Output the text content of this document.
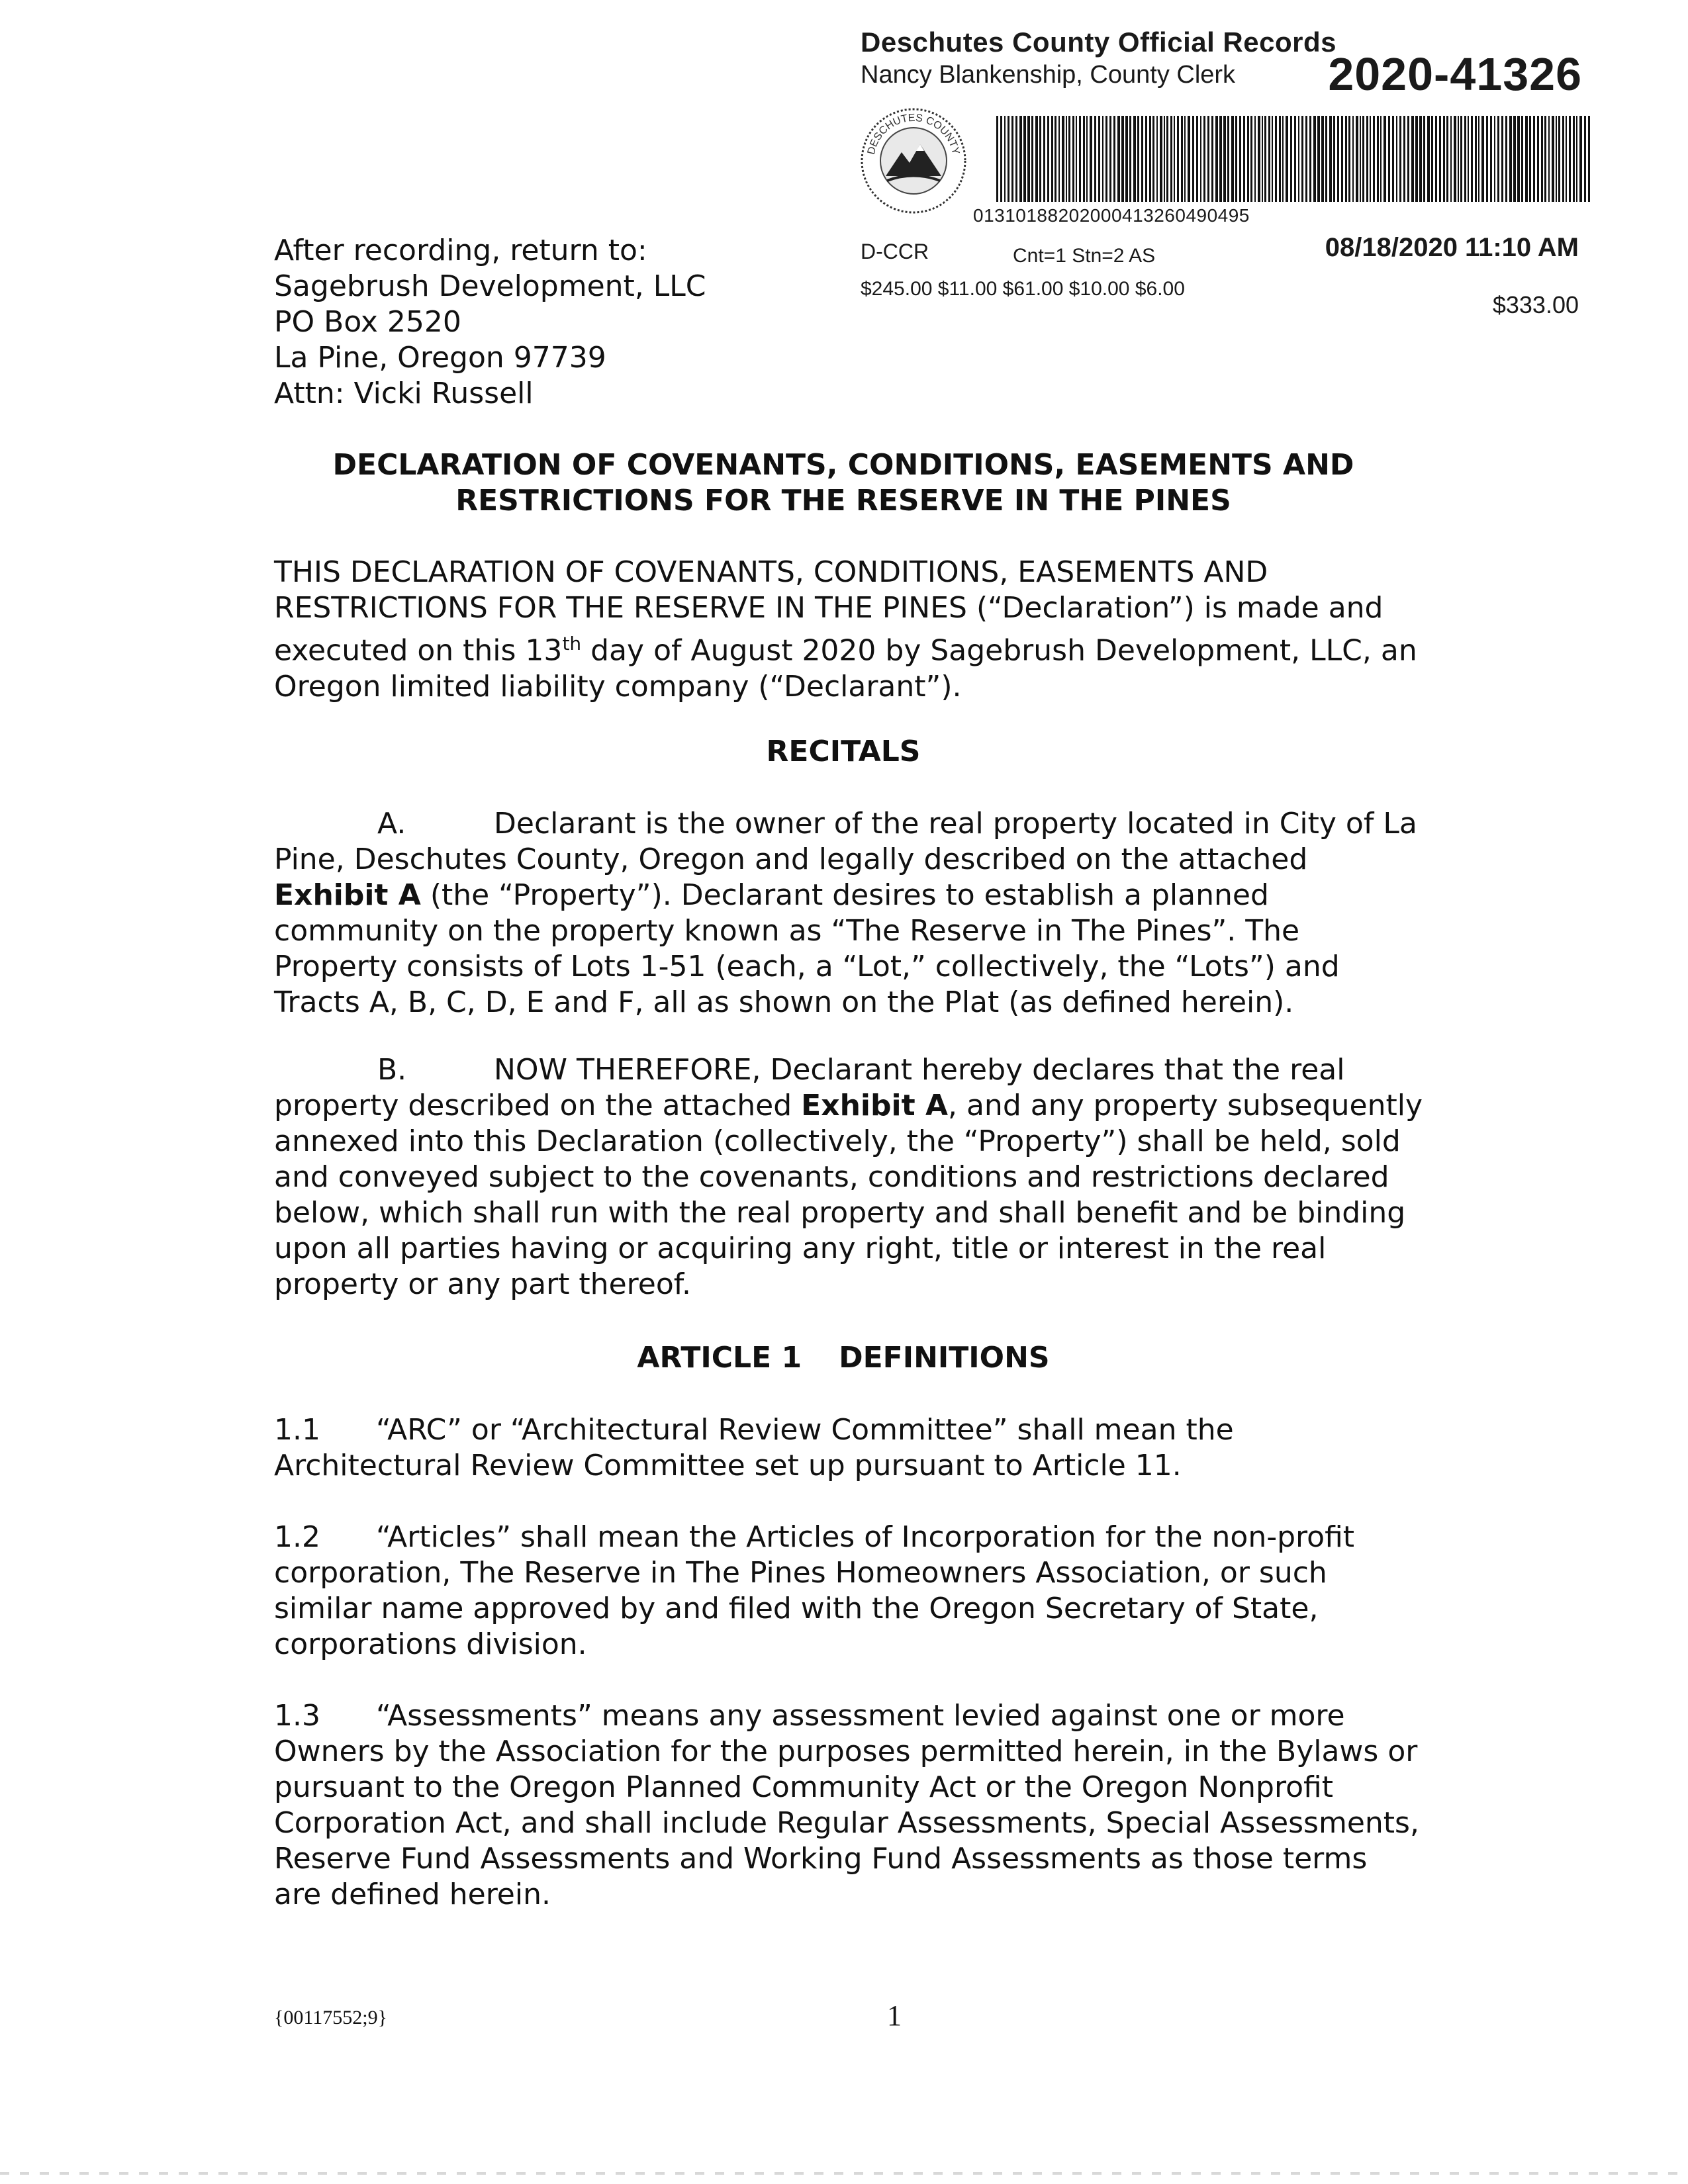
Deschutes County Official Records
Nancy Blankenship, County Clerk 2020-41326
DESCHUTES COUNTY
01310188202000413260490495
D-CCR	Cnt=1 Stn=2 AS	08/18/2020 11:10 AM
$245.00 $11.00 $61.00 $10.00 $6.00
$333.00
After recording, return to:
Sagebrush Development, LLC
PO Box 2520
La Pine, Oregon 97739
Attn: Vicki Russell
DECLARATION OF COVENANTS, CONDITIONS, EASEMENTS AND
RESTRICTIONS FOR THE RESERVE IN THE PINES
THIS DECLARATION OF COVENANTS, CONDITIONS, EASEMENTS AND
RESTRICTIONS FOR THE RESERVE IN THE PINES (“Declaration”) is made and
executed on this 13th day of August 2020 by Sagebrush Development, LLC, an
Oregon limited liability company (“Declarant”).
RECITALS
A.	Declarant is the owner of the real property located in City of La
Pine, Deschutes County, Oregon and legally described on the attached
Exhibit A (the “Property”). Declarant desires to establish a planned
community on the property known as “The Reserve in The Pines”. The
Property consists of Lots 1-51 (each, a “Lot,” collectively, the “Lots”) and
Tracts A, B, C, D, E and F, all as shown on the Plat (as defined herein).
B.	NOW THEREFORE, Declarant hereby declares that the real
property described on the attached Exhibit A, and any property subsequently
annexed into this Declaration (collectively, the “Property”) shall be held, sold
and conveyed subject to the covenants, conditions and restrictions declared
below, which shall run with the real property and shall benefit and be binding
upon all parties having or acquiring any right, title or interest in the real
property or any part thereof.
ARTICLE 1 DEFINITIONS
1.1 “ARC” or “Architectural Review Committee” shall mean the
Architectural Review Committee set up pursuant to Article 11.
1.2 “Articles” shall mean the Articles of Incorporation for the non-profit
corporation, The Reserve in The Pines Homeowners Association, or such
similar name approved by and filed with the Oregon Secretary of State,
corporations division.
1.3 “Assessments” means any assessment levied against one or more
Owners by the Association for the purposes permitted herein, in the Bylaws or
pursuant to the Oregon Planned Community Act or the Oregon Nonprofit
Corporation Act, and shall include Regular Assessments, Special Assessments,
Reserve Fund Assessments and Working Fund Assessments as those terms
are defined herein.
{00117552;9}	1
